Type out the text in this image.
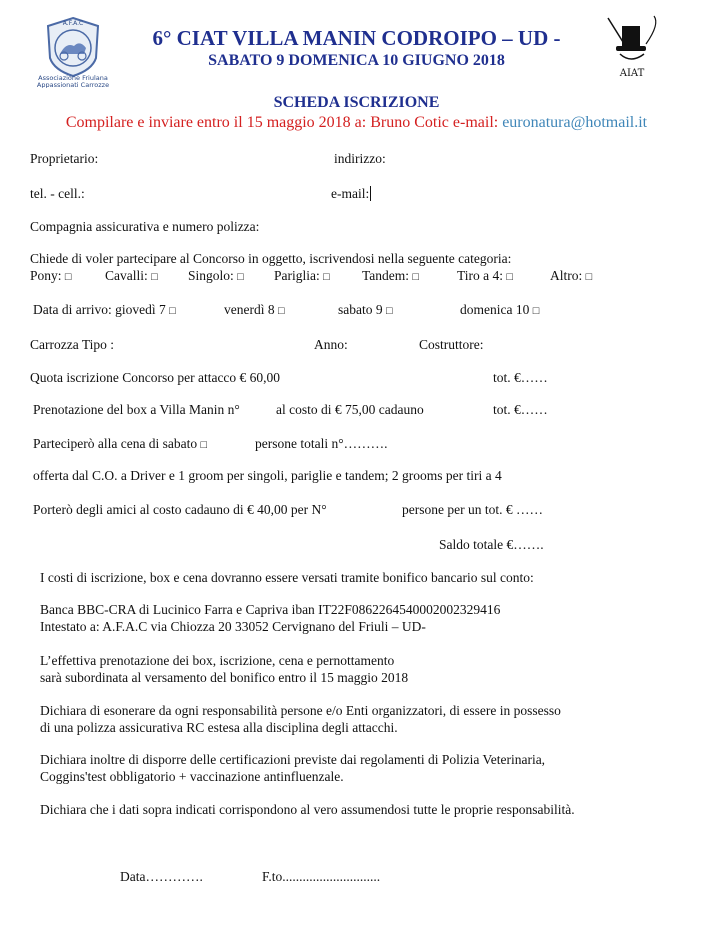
A.F.A.C
Associazione Friulana
Appassionati Carrozze
AIAT
6° CIAT VILLA MANIN CODROIPO – UD -
SABATO 9 DOMENICA 10 GIUGNO 2018
SCHEDA ISCRIZIONE
Compilare e inviare entro il 15 maggio 2018 a: Bruno Cotic e-mail: euronatura@hotmail.it
Proprietario:	indirizzo:
tel. - cell.:	e-mail:
Compagnia assicurativa e numero polizza:
Chiede di voler partecipare al Concorso in oggetto, iscrivendosi nella seguente categoria:
Pony: □ Cavalli: □ Singolo: □ Pariglia: □ Tandem: □	Tiro a 4: □	Altro: □
Data di arrivo: giovedì 7 □	venerdì 8 □	sabato 9 □	domenica 10 □
Carrozza Tipo :	Anno:	Costruttore:
Quota iscrizione Concorso per attacco € 60,00	tot. €……
Prenotazione del box a Villa Manin n°	al costo di € 75,00 cadauno	tot. €……
Parteciperò alla cena di sabato □	persone totali n°……….
offerta dal C.O. a Driver e 1 groom per singoli, pariglie e tandem; 2 grooms per tiri a 4
Porterò degli amici al costo cadauno di € 40,00 per N°	persone per un tot. € ……
Saldo totale €…….
I costi di iscrizione, box e cena dovranno essere versati tramite bonifico bancario sul conto:
Banca BBC-CRA di Lucinico Farra e Capriva iban IT22F0862264540002002329416
Intestato a: A.F.A.C via Chiozza 20 33052 Cervignano del Friuli – UD-
L’effettiva prenotazione dei box, iscrizione, cena e pernottamento
sarà subordinata al versamento del bonifico entro il 15 maggio 2018
Dichiara di esonerare da ogni responsabilità persone e/o Enti organizzatori, di essere in possesso
di una polizza assicurativa RC estesa alla disciplina degli attacchi.
Dichiara inoltre di disporre delle certificazioni previste dai regolamenti di Polizia Veterinaria,
Coggins'test obbligatorio + vaccinazione antinfluenzale.
Dichiara che i dati sopra indicati corrispondono al vero assumendosi tutte le proprie responsabilità.
Data………….	F.to.............................
